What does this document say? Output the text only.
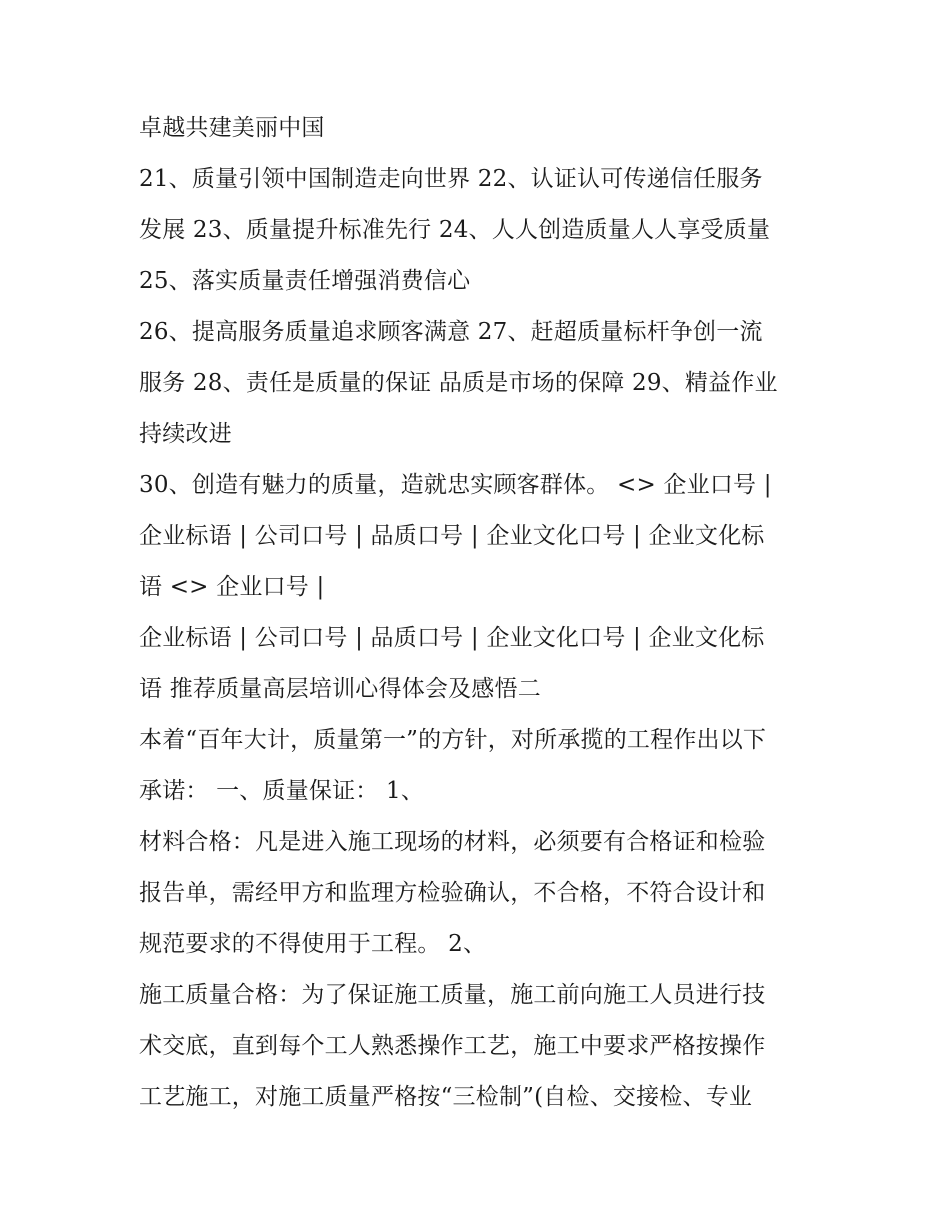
卓越共建美丽中国
21、质量引领中国制造走向世界 22、认证认可传递信任服务
发展 23、质量提升标准先行 24、人人创造质量人人享受质量
25、落实质量责任增强消费信心
26、提高服务质量追求顾客满意 27、赶超质量标杆争创一流
服务 28、责任是质量的保证 品质是市场的保障 29、精益作业
持续改进
30、创造有魅力的质量，造就忠实顾客群体。 <> 企业口号 |
企业标语 | 公司口号 | 品质口号 | 企业文化口号 | 企业文化标
语 <> 企业口号 |
企业标语 | 公司口号 | 品质口号 | 企业文化口号 | 企业文化标
语 推荐质量高层培训心得体会及感悟二
本着“百年大计，质量第一”的方针，对所承揽的工程作出以下
承诺： 一、质量保证： 1、
材料合格：凡是进入施工现场的材料，必须要有合格证和检验
报告单，需经甲方和监理方检验确认，不合格，不符合设计和
规范要求的不得使用于工程。 2、
施工质量合格：为了保证施工质量，施工前向施工人员进行技
术交底，直到每个工人熟悉操作工艺，施工中要求严格按操作
工艺施工，对施工质量严格按“三检制”(自检、交接检、专业
